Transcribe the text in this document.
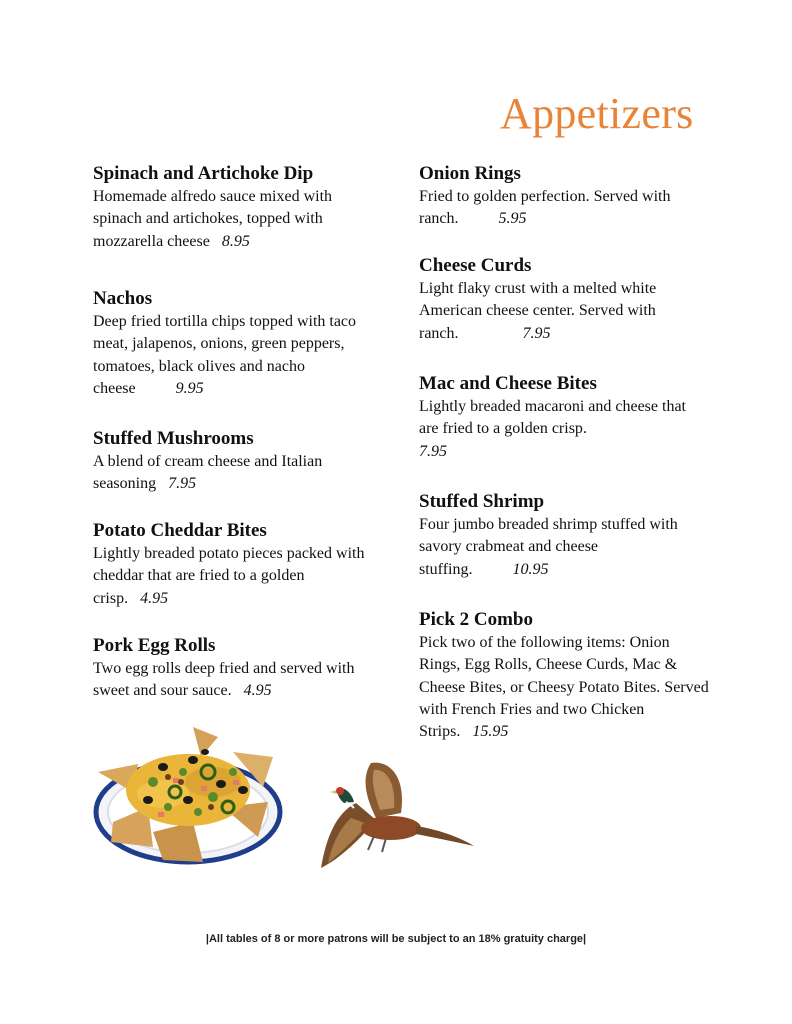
Appetizers
Spinach and Artichoke Dip

Homemade alfredo sauce mixed with spinach and artichokes, topped with mozzarella cheese 8.95

Nachos

Deep fried tortilla chips topped with taco meat, jalapenos, onions, green peppers, tomatoes, black olives and nacho cheese	9.95

Stuffed Mushrooms

A blend of cream cheese and Italian seasoning 7.95

Potato Cheddar Bites

Lightly breaded potato pieces packed with cheddar that are fried to a golden crisp. 4.95

Pork Egg Rolls

Two egg rolls deep fried and served with sweet and sour sauce. 4.95

Onion Rings

Fried to golden perfection. Served with ranch.	5.95

Cheese Curds

Light flaky crust with a melted white American cheese center. Served with ranch.	7.95

Mac and Cheese Bites

Lightly breaded macaroni and cheese that are fried to a golden crisp.
7.95

Stuffed Shrimp

Four jumbo breaded shrimp stuffed with savory crabmeat and cheese stuffing.	10.95

Pick 2 Combo

Pick two of the following items: Onion Rings, Egg Rolls, Cheese Curds, Mac & Cheese Bites, or Cheesy Potato Bites. Served with French Fries and two Chicken Strips. 15.95

|All tables of 8 or more patrons will be subject to an 18% gratuity charge|
